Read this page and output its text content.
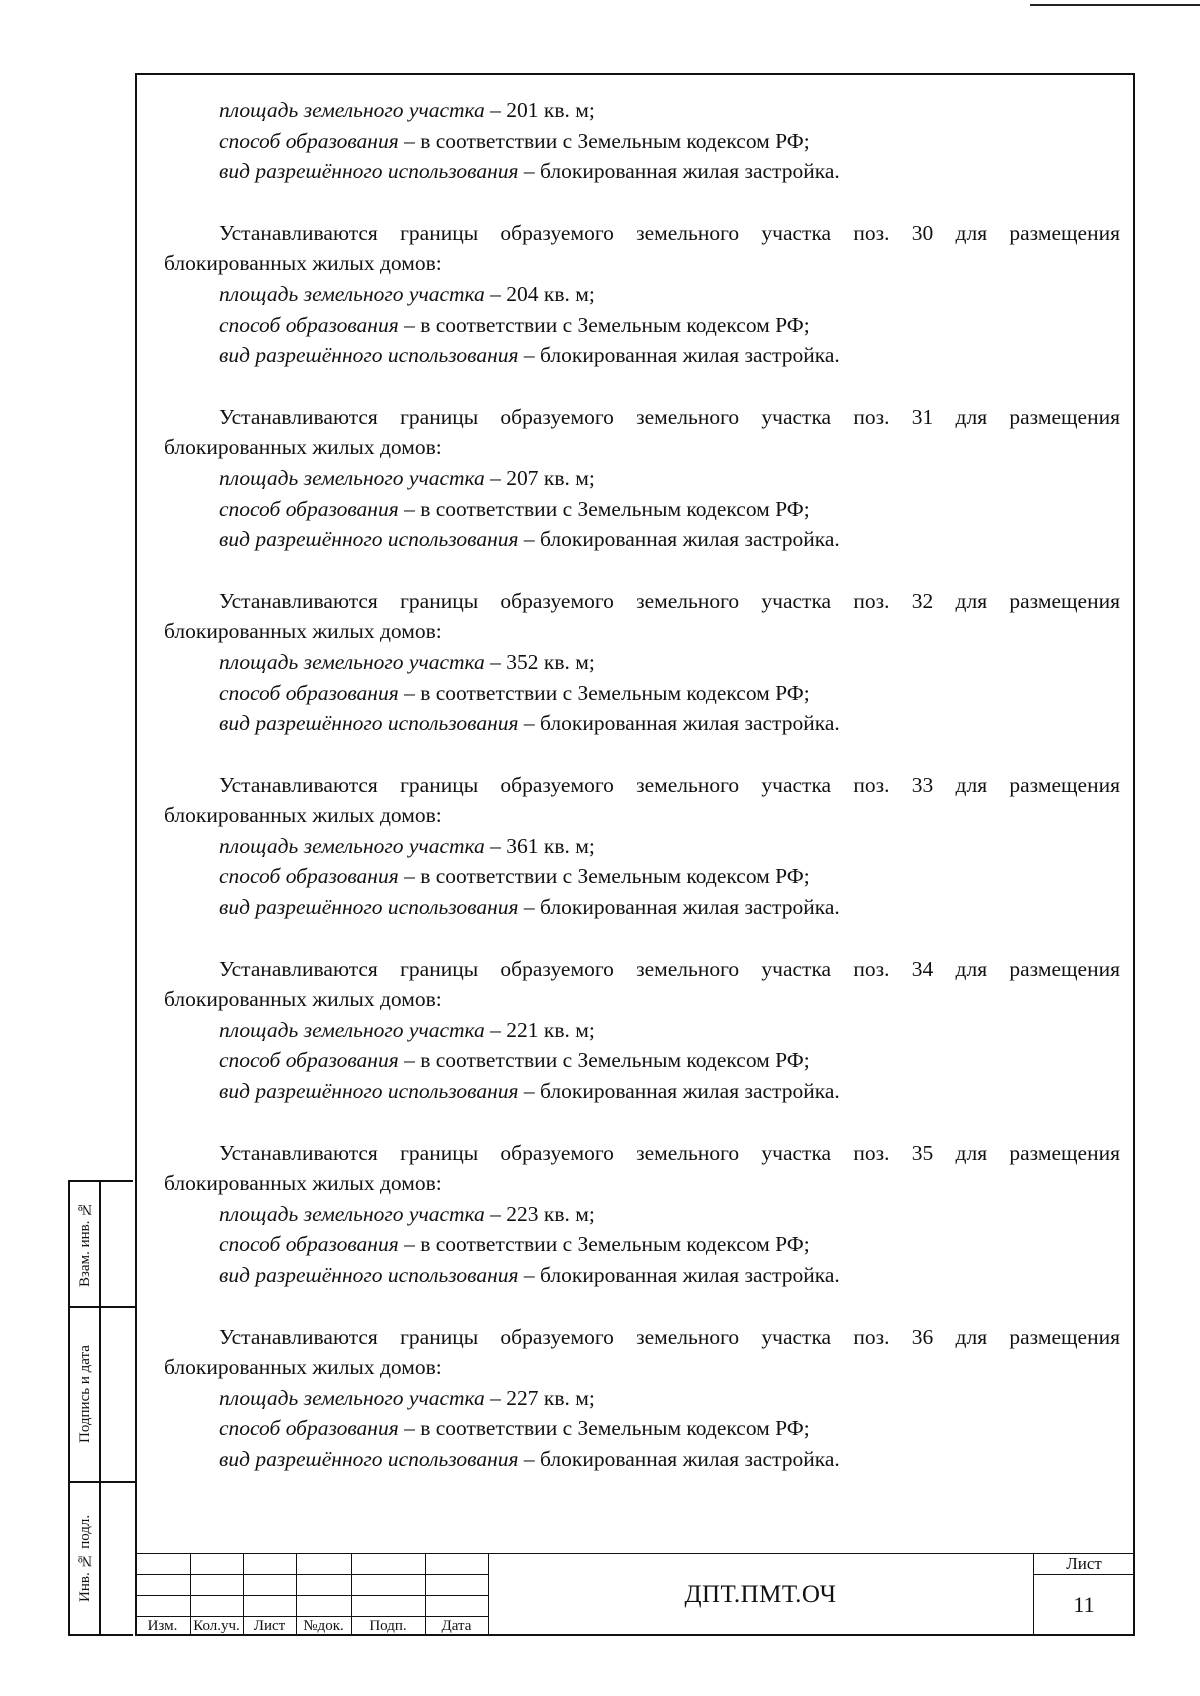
площадь земельного участка – 201 кв. м;
способ образования – в соответствии с Земельным кодексом РФ;
вид разрешённого использования – блокированная жилая застройка.
Устанавливаются границы образуемого земельного участка поз. 30 для размещения
блокированных жилых домов:
площадь земельного участка – 204 кв. м;
способ образования – в соответствии с Земельным кодексом РФ;
вид разрешённого использования – блокированная жилая застройка.
Устанавливаются границы образуемого земельного участка поз. 31 для размещения
блокированных жилых домов:
площадь земельного участка – 207 кв. м;
способ образования – в соответствии с Земельным кодексом РФ;
вид разрешённого использования – блокированная жилая застройка.
Устанавливаются границы образуемого земельного участка поз. 32 для размещения
блокированных жилых домов:
площадь земельного участка – 352 кв. м;
способ образования – в соответствии с Земельным кодексом РФ;
вид разрешённого использования – блокированная жилая застройка.
Устанавливаются границы образуемого земельного участка поз. 33 для размещения
блокированных жилых домов:
площадь земельного участка – 361 кв. м;
способ образования – в соответствии с Земельным кодексом РФ;
вид разрешённого использования – блокированная жилая застройка.
Устанавливаются границы образуемого земельного участка поз. 34 для размещения
блокированных жилых домов:
площадь земельного участка – 221 кв. м;
способ образования – в соответствии с Земельным кодексом РФ;
вид разрешённого использования – блокированная жилая застройка.
Устанавливаются границы образуемого земельного участка поз. 35 для размещения
блокированных жилых домов:
площадь земельного участка – 223 кв. м;
способ образования – в соответствии с Земельным кодексом РФ;
вид разрешённого использования – блокированная жилая застройка.
Устанавливаются границы образуемого земельного участка поз. 36 для размещения
блокированных жилых домов:
площадь земельного участка – 227 кв. м;
способ образования – в соответствии с Земельным кодексом РФ;
вид разрешённого использования – блокированная жилая застройка.
Взам. инв. №
Подпись и дата
Инв. № подл.
Изм.	Кол.уч. Лист	№док.	Подп.	Дата
ДПТ.ПМТ.ОЧ
Лист
11
